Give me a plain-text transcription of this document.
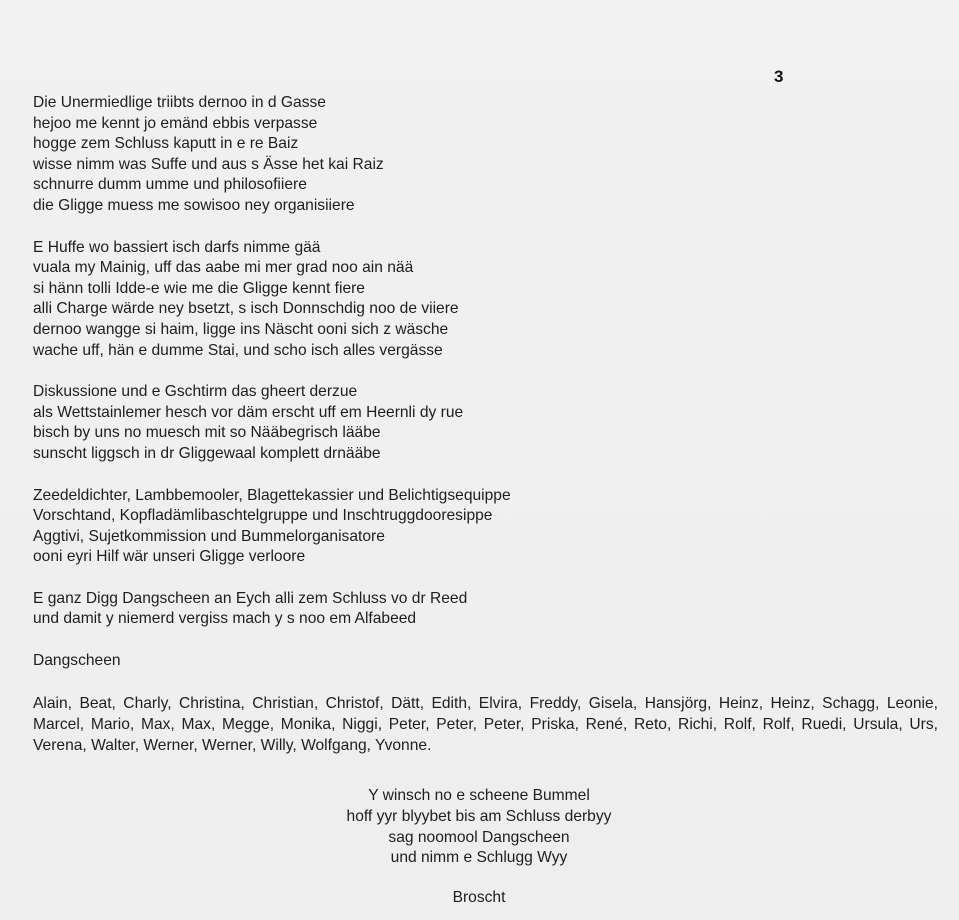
3
Die Unermiedlige triibts dernoo in d Gasse
hejoo me kennt jo emänd ebbis verpasse
hogge zem Schluss kaputt in e re Baiz
wisse nimm was Suffe und aus s Ässe het kai Raiz
schnurre dumm umme und philosofiiere
die Gligge muess me sowisoo ney organisiiere
E Huffe wo bassiert isch darfs nimme gää
vuala my Mainig, uff das aabe mi mer grad noo ain nää
si hänn tolli Idde-e wie me die Gligge kennt fiere
alli Charge wärde ney bsetzt, s isch Donnschdig noo de viiere
dernoo wangge si haim, ligge ins Näscht ooni sich z wäsche
wache uff, hän e dumme Stai, und scho isch alles vergässe
Diskussione und e Gschtirm das gheert derzue
als Wettstainlemer hesch vor däm erscht uff em Heernli dy rue
bisch by uns no muesch mit so Nääbegrisch lääbe
sunscht liggsch in dr Gliggewaal komplett drnääbe
Zeedeldichter, Lambbemooler, Blagettekassier und Belichtigsequippe
Vorschtand, Kopfladämlibaschtelgruppe und Inschtruggdooresippe
Aggtivi, Sujetkommission und Bummelorganisatore
ooni eyri Hilf wär unseri Gligge verloore
E ganz Digg Dangscheen an Eych alli zem Schluss vo dr Reed
und damit y niemerd vergiss mach y s noo em Alfabeed
Dangscheen

Alain, Beat, Charly, Christina, Christian, Christof, Dätt, Edith, Elvira, Freddy, Gisela, Hansjörg, Heinz, Heinz, Schagg, Leonie, Marcel, Mario, Max, Max, Megge, Monika, Niggi, Peter, Peter, Peter, Priska, René, Reto, Richi, Rolf, Rolf, Ruedi, Ursula, Urs, Verena, Walter, Werner, Werner, Willy, Wolfgang, Yvonne.

Y winsch no e scheene Bummel
hoff yyr blyybet bis am Schluss derbyy
sag noomool Dangscheen
und nimm e Schlugg Wyy
Broscht
